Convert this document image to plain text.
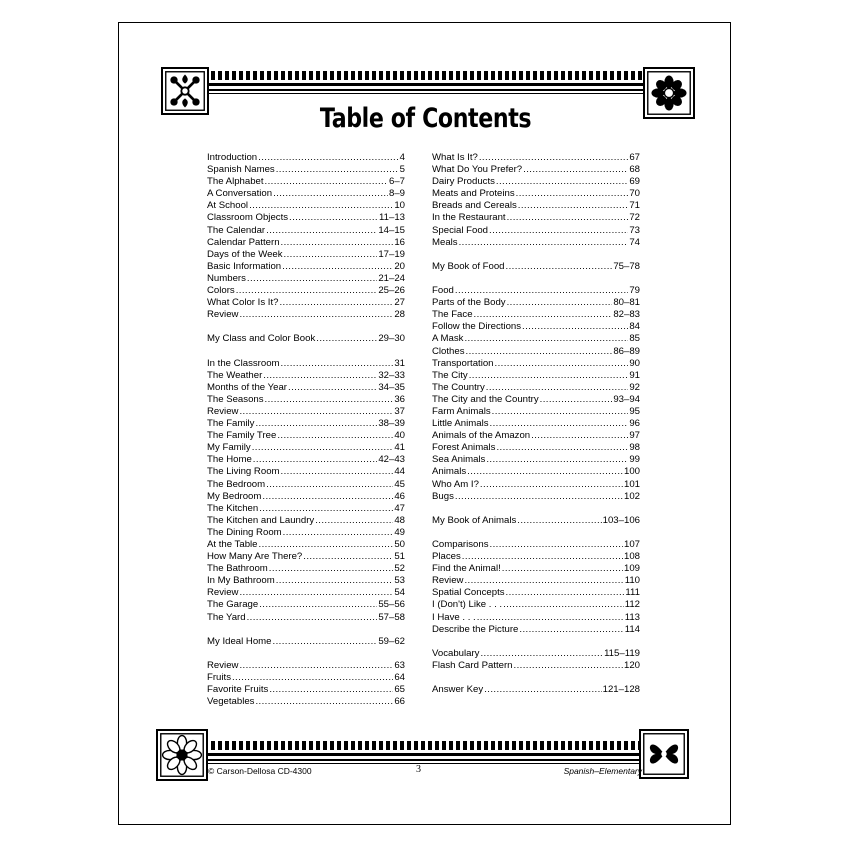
Table of Contents
Introduction .....	4
Spanish Names .....	5
The Alphabet .....	6–7
A Conversation .....	8–9
At School .....	10
Classroom Objects .....	11–13
The Calendar .....	14–15
Calendar Pattern .....	16
Days of the Week .....	17–19
Basic Information .....	20
Numbers .....	21–24
Colors .....	25–26
What Color Is It? .....	27
Review .....	28
My Class and Color Book .....	29–30
In the Classroom .....	31
The Weather .....	32–33
Months of the Year .....	34–35
The Seasons .....	36
Review .....	37
The Family .....	38–39
The Family Tree .....	40
My Family .....	41
The Home .....	42–43
The Living Room .....	44
The Bedroom .....	45
My Bedroom .....	46
The Kitchen .....	47
The Kitchen and Laundry .....	48
The Dining Room .....	49
At the Table .....	50
How Many Are There? .....	51
The Bathroom .....	52
In My Bathroom .....	53
Review .....	54
The Garage .....	55–56
The Yard .....	57–58
My Ideal Home .....	59–62
Review .....	63
Fruits .....	64
Favorite Fruits .....	65
Vegetables .....	66
What Is It? .....	67
What Do You Prefer? .....	68
Dairy Products .....	69
Meats and Proteins .....	70
Breads and Cereals .....	71
In the Restaurant .....	72
Special Food .....	73
Meals .....	74
My Book of Food .....	75–78
Food .....	79
Parts of the Body .....	80–81
The Face .....	82–83
Follow the Directions .....	84
A Mask .....	85
Clothes .....	86–89
Transportation .....	90
The City .....	91
The Country .....	92
The City and the Country .....	93–94
Farm Animals .....	95
Little Animals .....	96
Animals of the Amazon .....	97
Forest Animals .....	98
Sea Animals .....	99
Animals .....	100
Who Am I? .....	101
Bugs .....	102
My Book of Animals .....	103–106
Comparisons .....	107
Places .....	108
Find the Animal! .....	109
Review .....	110
Spatial Concepts .....	111
I (Don't) Like . . . .....	112
I Have . . . .....	113
Describe the Picture .....	114
Vocabulary .....	115–119
Flash Card Pattern .....	120
Answer Key .....	121–128
© Carson-Dellosa CD-4300	3	Spanish–Elementary
